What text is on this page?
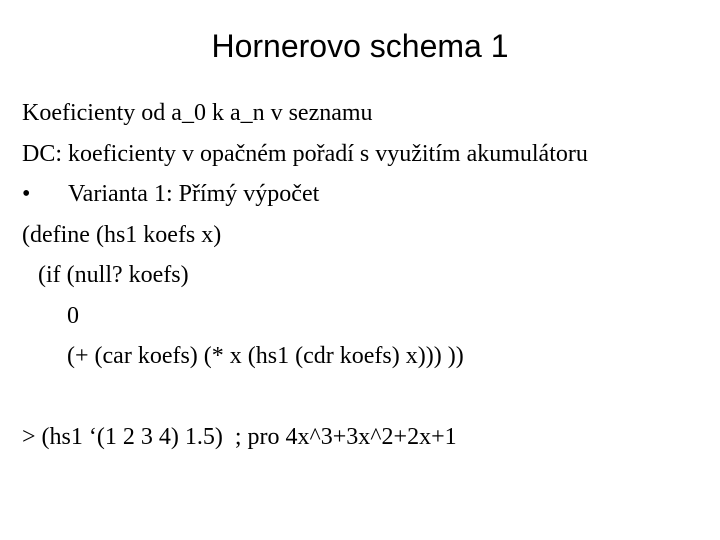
Hornerovo schema 1
Koeficienty od a_0 k a_n v seznamu
DC: koeficienty v opačném pořadí s využitím akumulátoru
•	Varianta 1: Přímý výpočet
(define (hs1 koefs x)
(if (null? koefs)
0
(+ (car koefs) (* x (hs1 (cdr koefs) x))) ))
> (hs1 ‘(1 2 3 4) 1.5)  ; pro 4x^3+3x^2+2x+1
